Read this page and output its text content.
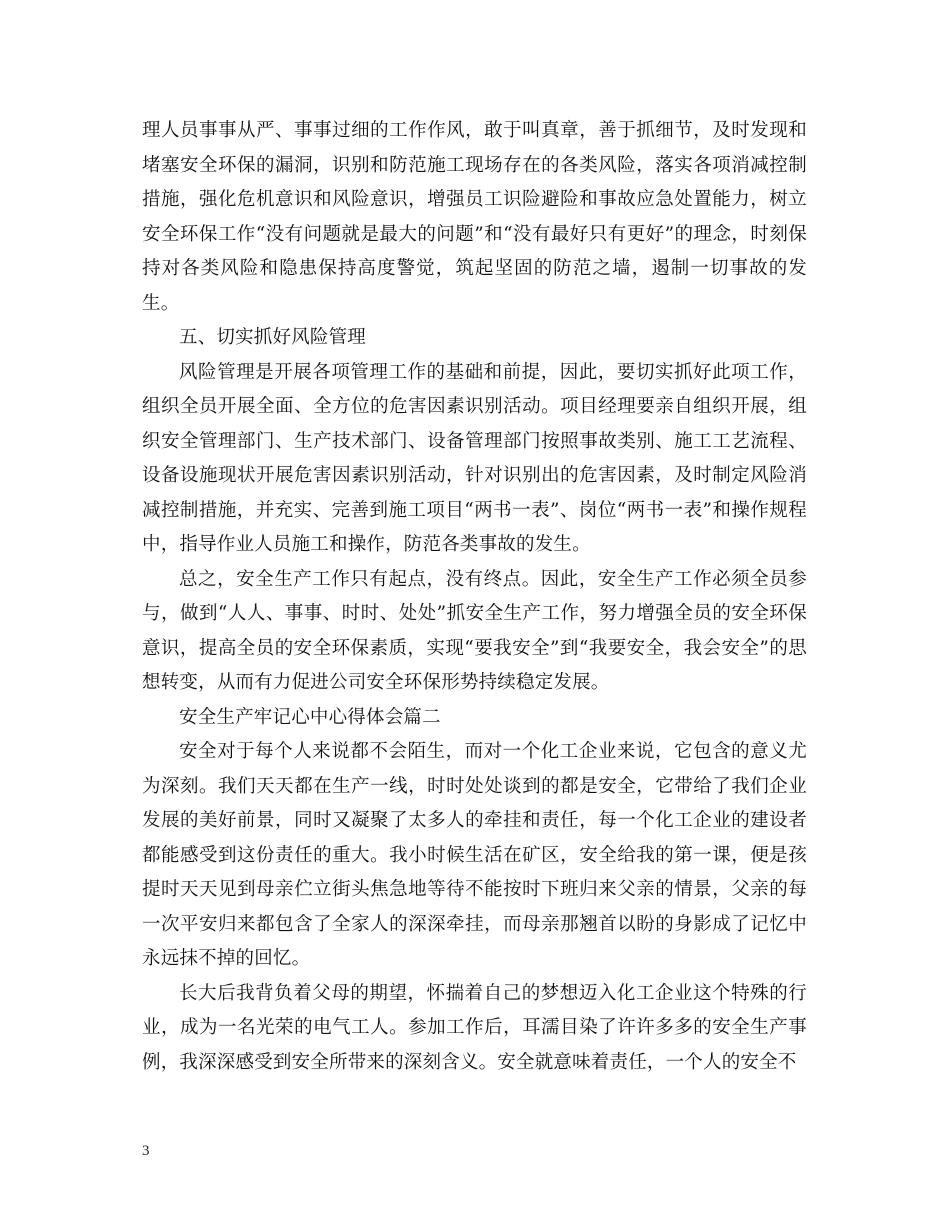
理人员事事从严、事事过细的工作作风，敢于叫真章，善于抓细节，及时发现和堵塞安全环保的漏洞，识别和防范施工现场存在的各类风险，落实各项消减控制措施，强化危机意识和风险意识，增强员工识险避险和事故应急处置能力，树立安全环保工作“没有问题就是最大的问题”和“没有最好只有更好”的理念，时刻保持对各类风险和隐患保持高度警觉，筑起坚固的防范之墙，遏制一切事故的发生。

五、切实抓好风险管理

风险管理是开展各项管理工作的基础和前提，因此，要切实抓好此项工作，组织全员开展全面、全方位的危害因素识别活动。项目经理要亲自组织开展，组织安全管理部门、生产技术部门、设备管理部门按照事故类别、施工工艺流程、设备设施现状开展危害因素识别活动，针对识别出的危害因素，及时制定风险消减控制措施，并充实、完善到施工项目“两书一表”、岗位“两书一表”和操作规程中，指导作业人员施工和操作，防范各类事故的发生。

总之，安全生产工作只有起点，没有终点。因此，安全生产工作必须全员参与，做到“人人、事事、时时、处处”抓安全生产工作，努力增强全员的安全环保意识，提高全员的安全环保素质，实现“要我安全”到“我要安全，我会安全”的思想转变，从而有力促进公司安全环保形势持续稳定发展。

安全生产牢记心中心得体会篇二

安全对于每个人来说都不会陌生，而对一个化工企业来说，它包含的意义尤为深刻。我们天天都在生产一线，时时处处谈到的都是安全，它带给了我们企业发展的美好前景，同时又凝聚了太多人的牵挂和责任，每一个化工企业的建设者都能感受到这份责任的重大。我小时候生活在矿区，安全给我的第一课，便是孩提时天天见到母亲伫立街头焦急地等待不能按时下班归来父亲的情景，父亲的每一次平安归来都包含了全家人的深深牵挂，而母亲那翘首以盼的身影成了记忆中永远抹不掉的回忆。

长大后我背负着父母的期望，怀揣着自己的梦想迈入化工企业这个特殊的行业，成为一名光荣的电气工人。参加工作后，耳濡目染了许许多多的安全生产事例，我深深感受到安全所带来的深刻含义。安全就意味着责任，一个人的安全不

3
